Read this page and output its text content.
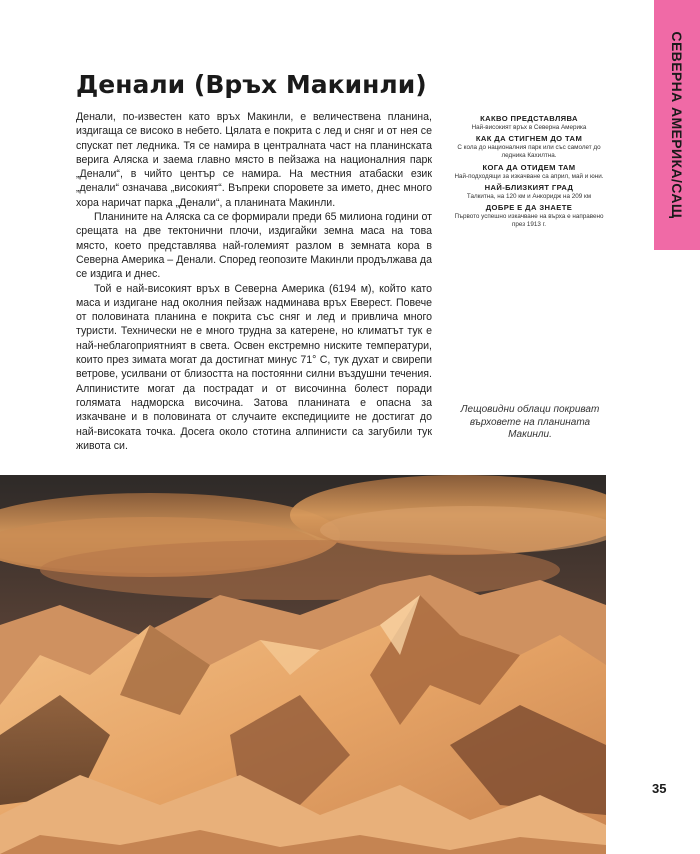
СЕВЕРНА АМЕРИКА/САЩ
Денали (Връх Макинли)

Денали, по-известен като връх Макинли, е величествена планина, издигаща се високо в небето. Цялата е покрита с лед и сняг и от нея се спускат пет ледника. Тя се намира в централната част на планинската верига Аляска и заема главно място в пейзажа на националния парк „Денали“, в чийто център се намира. На местния атабаски език „денали“ означава „високият“. Въпреки споровете за името, днес много хора наричат парка „Денали“, а планината Макинли.

Планините на Аляска са се формирали преди 65 милиона години от срещата на две тектонични плочи, издигайки земна маса на това място, което представлява най-големият разлом в земната кора в Северна Америка – Денали. Според геопозите Макинли продължава да се издига и днес.

Той е най-високият връх в Северна Америка (6194 м), който като маса и издигане над околния пейзаж надминава връх Еверест. Повече от половината планина е покрита със сняг и лед и привлича много туристи. Технически не е много трудна за катерене, но климатът тук е най-неблагоприятният в света. Освен екстремно ниските температури, които през зимата могат да достигнат минус 71° С, тук духат и свирепи ветрове, усилвани от близостта на постоянни силни въздушни течения. Алпинистите могат да пострадат и от височинна болест поради голямата надморска височина. Затова планината е опасна за изкачване и в половината от случаите експедициите не достигат до най-високата точка. Досега около стотина алпинисти са загубили тук живота си.

КАКВО ПРЕДСТАВЛЯВА
Най-високият връх в Северна Америка
КАК ДА СТИГНЕМ ДО ТАМ
С кола до националния парк или със самолет до ледника Кахилтна.
КОГА ДА ОТИДЕМ ТАМ
Най-подходящи за изкачване са април, май и юни.
НАЙ-БЛИЗКИЯТ ГРАД
Талкитна, на 120 км и Анкоридж на 209 км
ДОБРЕ Е ДА ЗНАЕТЕ
Първото успешно изкачване на върха е направено през 1913 г.
Лещовидни облаци покриват върховете на планината Макинли.
35
